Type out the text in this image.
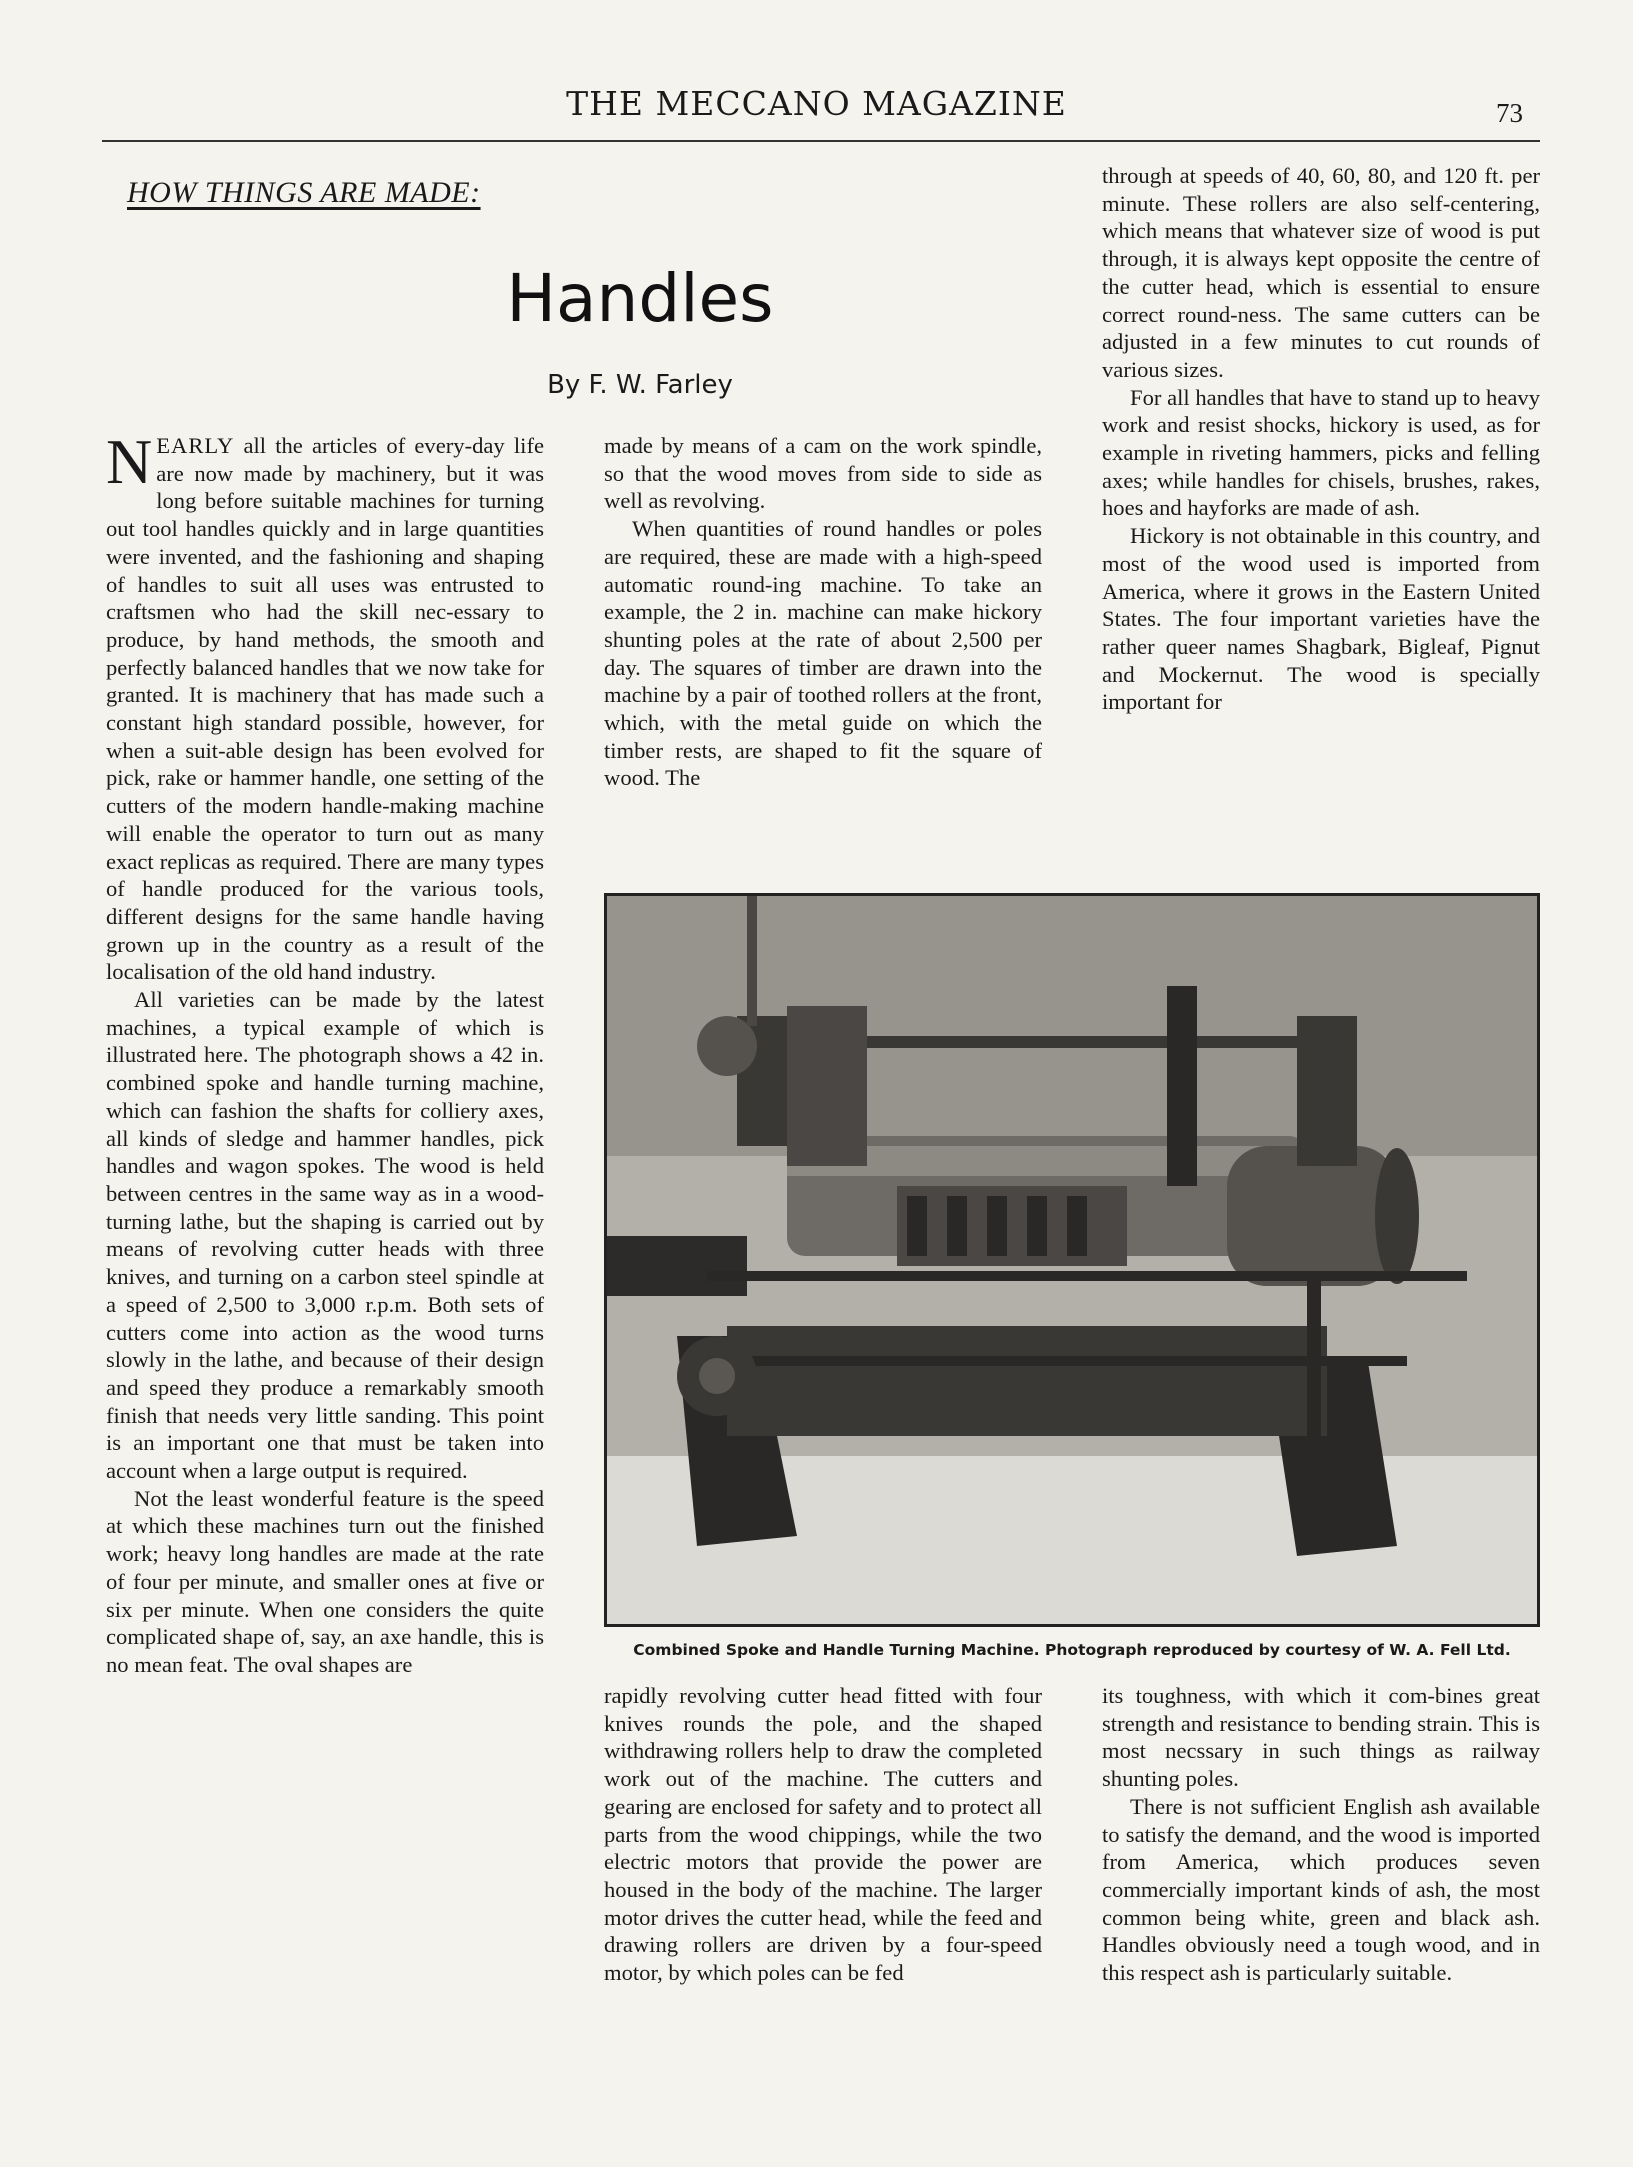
THE MECCANO MAGAZINE	73
HOW THINGS ARE MADE:
Handles
By F. W. Farley

NEARLY all the articles of every-day life are now made by machinery, but it was long before suitable machines for turning out tool handles quickly and in large quantities were invented, and the fashioning and shaping of handles to suit all uses was entrusted to craftsmen who had the skill nec-essary to produce, by hand methods, the smooth and perfectly balanced handles that we now take for granted. It is machinery that has made such a constant high standard possible, however, for when a suit-able design has been evolved for pick, rake or hammer handle, one setting of the cutters of the modern handle-making machine will enable the operator to turn out as many exact replicas as required. There are many types of handle produced for the various tools, different designs for the same handle having grown up in the country as a result of the localisation of the old hand industry.

All varieties can be made by the latest machines, a typical example of which is illustrated here. The photograph shows a 42 in. combined spoke and handle turning machine, which can fashion the shafts for colliery axes, all kinds of sledge and hammer handles, pick handles and wagon spokes. The wood is held between centres in the same way as in a wood-turning lathe, but the shaping is carried out by means of revolving cutter heads with three knives, and turning on a carbon steel spindle at a speed of 2,500 to 3,000 r.p.m. Both sets of cutters come into action as the wood turns slowly in the lathe, and because of their design and speed they produce a remarkably smooth finish that needs very little sanding. This point is an important one that must be taken into account when a large output is required.

Not the least wonderful feature is the speed at which these machines turn out the finished work; heavy long handles are made at the rate of four per minute, and smaller ones at five or six per minute. When one considers the quite complicated shape of, say, an axe handle, this is no mean feat. The oval shapes are

made by means of a cam on the work spindle, so that the wood moves from side to side as well as revolving.

When quantities of round handles or poles are required, these are made with a high-speed automatic round-ing machine. To take an example, the 2 in. machine can make hickory shunting poles at the rate of about 2,500 per day. The squares of timber are drawn into the machine by a pair of toothed rollers at the front, which, with the metal guide on which the timber rests, are shaped to fit the square of wood. The

through at speeds of 40, 60, 80, and 120 ft. per minute. These rollers are also self-centering, which means that whatever size of wood is put through, it is always kept opposite the centre of the cutter head, which is essential to ensure correct round-ness. The same cutters can be adjusted in a few minutes to cut rounds of various sizes.

For all handles that have to stand up to heavy work and resist shocks, hickory is used, as for example in riveting hammers, picks and felling axes; while handles for chisels, brushes, rakes, hoes and hayforks are made of ash.

Hickory is not obtainable in this country, and most of the wood used is imported from America, where it grows in the Eastern United States. The four important varieties have the rather queer names Shagbark, Bigleaf, Pignut and Mockernut. The wood is specially important for

Combined Spoke and Handle Turning Machine. Photograph reproduced by courtesy of W. A. Fell Ltd.

rapidly revolving cutter head fitted with four knives rounds the pole, and the shaped withdrawing rollers help to draw the completed work out of the machine. The cutters and gearing are enclosed for safety and to protect all parts from the wood chippings, while the two electric motors that provide the power are housed in the body of the machine. The larger motor drives the cutter head, while the feed and drawing rollers are driven by a four-speed motor, by which poles can be fed

its toughness, with which it com-bines great strength and resistance to bending strain. This is most necssary in such things as railway shunting poles.

There is not sufficient English ash available to satisfy the demand, and the wood is imported from America, which produces seven commercially important kinds of ash, the most common being white, green and black ash. Handles obviously need a tough wood, and in this respect ash is particularly suitable.
